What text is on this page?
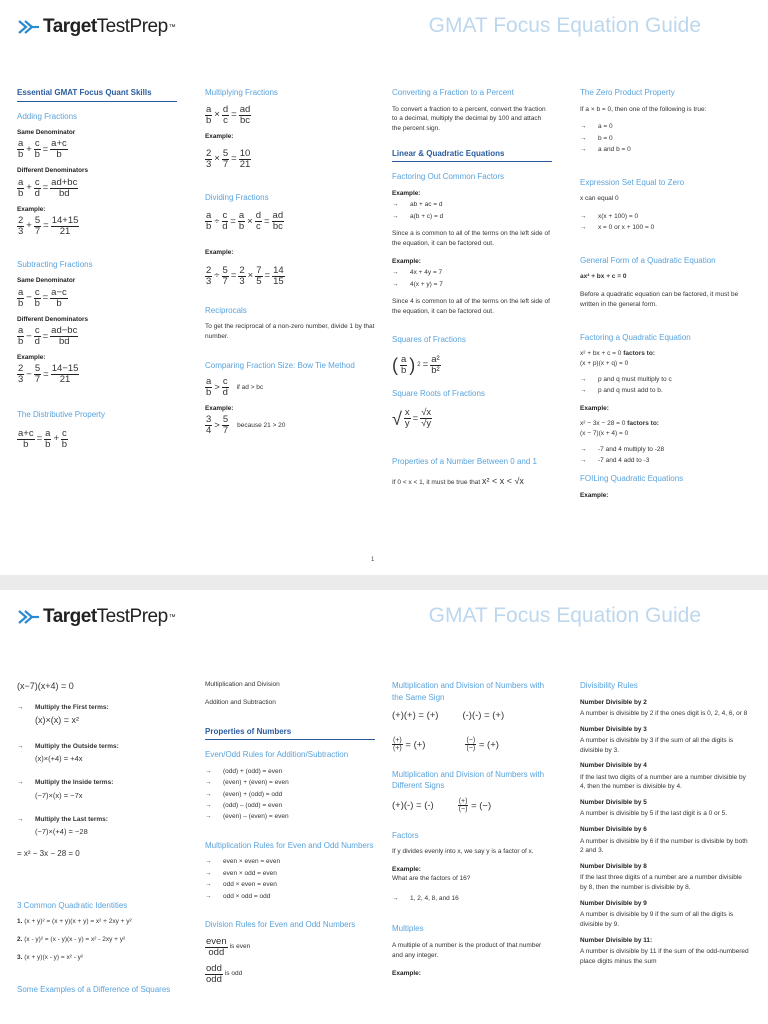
Target TestPrep ™	GMAT Focus Equation Guide
Essential GMAT Focus Quant Skills
Adding Fractions
Same Denominator
a
b +
c
b =
a+c
b
Different Denominators
a
b +
c
d =
ad+bc
bd
Example:
2
3 +
5
7 =
14+15
21
Subtracting Fractions
Same Denominator
a
b −
c
b =
a−c
b
Different Denominators
a
b −
c
d =
ad−bc
bd
Example:
2
3 −
5
7 =
14−15
21
The Distributive Property
a+c
b =
a
b +
c
b
Multiplying Fractions
a
b ×
d
c =
ad
bc
Example:
2
3 ×
5
7 =
10
21
Dividing Fractions
a
b ÷
c
d =
a
b ×
d
c =
ad
bc
Example:
2
3 ÷
5
7 =
2
3 ×
7
5 =
14
15
Reciprocals
To get the reciprocal of a non-zero number, divide 1 by that number.
Comparing Fraction Size: Bow Tie Method
a
b >
c
d if ad > bc
Example:
3
4 >
5
7 because 21 > 20
Converting a Fraction to a Percent
To convert a fraction to a percent, convert the fraction to a decimal, multiply the decimal by 100 and attach the percent sign.
Linear & Quadratic Equations
Factoring Out Common Factors
Example:
→ ab + ac = d
→ a(b + c) = d
Since a is common to all of the terms on the left side of the equation, it can be factored out.
Example:
→ 4x + 4y = 7
→ 4(x + y) = 7
Since 4 is common to all of the terms on the left side of the equation, it can be factored out.
Squares of Fractions
( a
b ) 2 =
a²
b²
Square Roots of Fractions
√ x
y =
√x
√y
Properties of a Number Between 0 and 1
If 0 < x < 1, it must be true that x² < x < √x
The Zero Product Property
If a × b = 0, then one of the following is true:
→ a = 0
→ b = 0
→ a and b = 0
Expression Set Equal to Zero
x can equal 0
→ x(x + 100) = 0
→ x = 0 or x + 100 = 0
General Form of a Quadratic Equation
ax² + bx + c = 0
Before a quadratic equation can be factored, it must be written in the general form.
Factoring a Quadratic Equation
x² + bx + c = 0 factors to:
(x + p)(x + q) = 0
→ p and q must multiply to c
→ p and q must add to b.
Example:
x² − 3x − 28 = 0 factors to:
(x − 7)(x + 4) = 0
→ -7 and 4 multiply to -28
→ -7 and 4 add to -3
FOILing Quadratic Equations
Example:
1
Target TestPrep ™	GMAT Focus Equation Guide
(x−7)(x+4) = 0
→ Multiply the First terms:
(x)×(x) = x²
→ Multiply the Outside terms:
(x)×(+4) = +4x
→ Multiply the Inside terms:
(−7)×(x) = −7x
→ Multiply the Last terms:
(−7)×(+4) = −28
= x² − 3x − 28 = 0
3 Common Quadratic Identities
1. (x + y)² = (x + y)(x + y) = x² + 2xy + y²
2. (x - y)² = (x - y)(x - y) = x² - 2xy + y²
3. (x + y)(x - y) = x² - y²
Some Examples of a Difference of Squares
Multiplication and Division
Addition and Subtraction
Properties of Numbers
Even/Odd Rules for Addition/Subtraction
→ (odd) + (odd) = even
→ (even) + (even) = even
→ (even) + (odd) = odd
→ (odd) – (odd) = even
→ (even) – (even) = even
Multiplication Rules for Even and Odd Numbers
→ even × even = even
→ even × odd = even
→ odd × even = even
→ odd × odd = odd
Division Rules for Even and Odd Numbers
even
odd is even
odd
odd is odd
Multiplication and Division of Numbers with the Same Sign
(+)(+) = (+)	(-)(-) = (+)
(+)
(+) = (+)	(−)
(−) = (+)
Multiplication and Division of Numbers with Different Signs
(+)(-) = (-)	(+)
(−) = (−)
Factors
If y divides evenly into x, we say y is a factor of x.
Example:
What are the factors of 16?
→ 1, 2, 4, 8, and 16
Multiples
A multiple of a number is the product of that number and any integer.
Example:
Divisibility Rules
Number Divisible by 2
A number is divisible by 2 if the ones digit is 0, 2, 4, 6, or 8
Number Divisible by 3
A number is divisible by 3 if the sum of all the digits is divisible by 3.
Number Divisible by 4
If the last two digits of a number are a number divisible by 4, then the number is divisible by 4.
Number Divisible by 5
A number is divisible by 5 if the last digit is a 0 or 5.
Number Divisible by 6
A number is divisible by 6 if the number is divisible by both 2 and 3.
Number Divisible by 8
If the last three digits of a number are a number divisible by 8, then the number is divisible by 8.
Number Divisible by 9
A number is divisible by 9 if the sum of all the digits is divisible by 9.
Number Divisible by 11:
A number is divisible by 11 if the sum of the odd-numbered place digits minus the sum
